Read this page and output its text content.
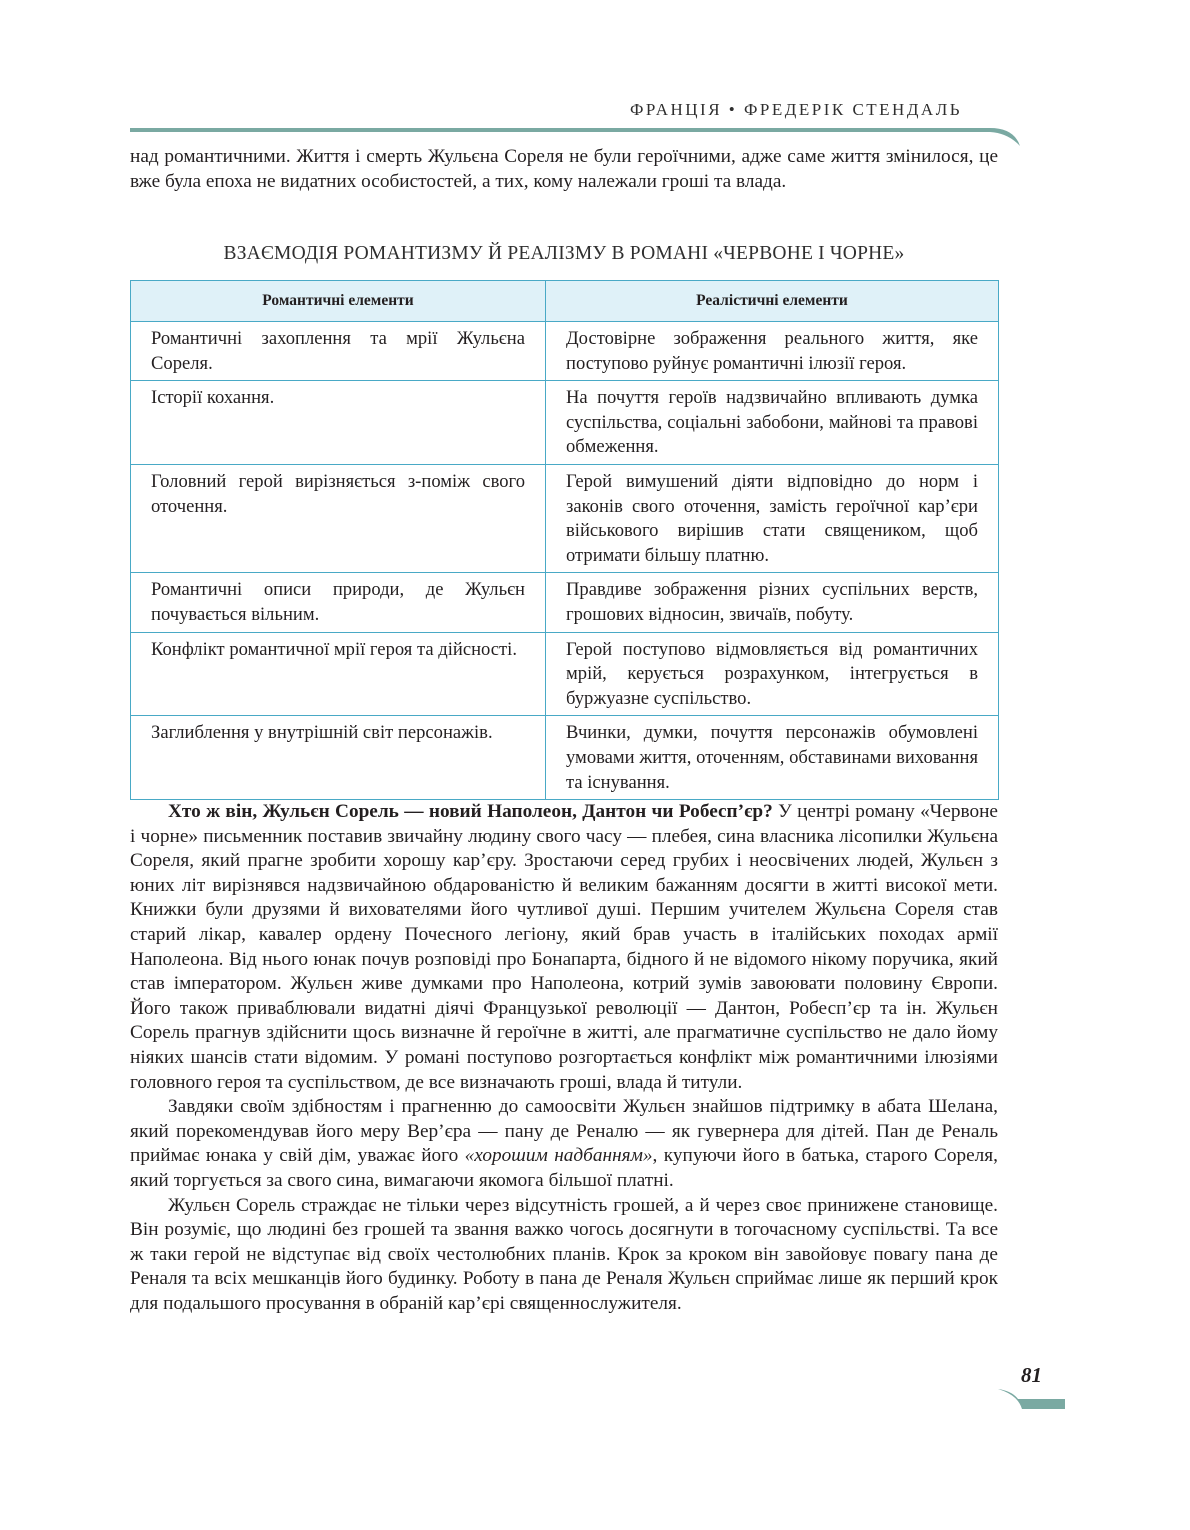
ФРАНЦІЯ • ФРЕДЕРІК СТЕНДАЛЬ

над романтичними. Життя і смерть Жульєна Сореля не були героїчними, адже саме життя змінилося, це вже була епоха не видатних особистостей, а тих, кому належали гроші та влада.

ВЗАЄМОДІЯ РОМАНТИЗМУ Й РЕАЛІЗМУ В РОМАНІ «ЧЕРВОНЕ І ЧОРНЕ»
Романтичні елементи	Реалістичні елементи
Романтичні захоплення та мрії Жульєна Сореля.	Достовірне зображення реального життя, яке поступово руйнує романтичні ілюзії героя.
Історії кохання.	На почуття героїв надзвичайно впливають думка суспільства, соціальні забобони, майнові та правові обмеження.
Головний герой вирізняється з-поміж свого оточення.	Герой вимушений діяти відповідно до норм і законів свого оточення, замість героїчної кар’єри військового вирішив стати священиком, щоб отримати більшу платню.
Романтичні описи природи, де Жульєн почувається вільним.	Правдиве зображення різних суспільних верств, грошових відносин, звичаїв, побуту.
Конфлікт романтичної мрії героя та дійсності.	Герой поступово відмовляється від романтичних мрій, керується розрахунком, інтегрується в буржуазне суспільство.
Заглиблення у внутрішній світ персонажів.	Вчинки, думки, почуття персонажів обумовлені умовами життя, оточенням, обставинами виховання та існування.

Хто ж він, Жульєн Сорель — новий Наполеон, Дантон чи Робесп’єр? У центрі роману «Червоне і чорне» письменник поставив звичайну людину свого часу — плебея, сина власника лісопилки Жульєна Сореля, який прагне зробити хорошу кар’єру. Зростаючи серед грубих і неосвічених людей, Жульєн з юних літ вирізнявся надзвичайною обдарованістю й великим бажанням досягти в житті високої мети. Книжки були друзями й вихователями його чутливої душі. Першим учителем Жульєна Сореля став старий лікар, кавалер ордену Почесного легіону, який брав участь в італійських походах армії Наполеона. Від нього юнак почув розповіді про Бонапарта, бідного й не відомого нікому поручика, який став імператором. Жульєн живе думками про Наполеона, котрий зумів завоювати половину Європи. Його також приваблювали видатні діячі Французької революції — Дантон, Робесп’єр та ін. Жульєн Сорель прагнув здійснити щось визначне й героїчне в житті, але прагматичне суспільство не дало йому ніяких шансів стати відомим. У романі поступово розгортається конфлікт між романтичними ілюзіями головного героя та суспільством, де все визначають гроші, влада й титули.

Завдяки своїм здібностям і прагненню до самоосвіти Жульєн знайшов підтримку в абата Шелана, який порекомендував його меру Вер’єра — пану де Реналю — як гувернера для дітей. Пан де Реналь приймає юнака у свій дім, уважає його «хорошим надбанням», купуючи його в батька, старого Сореля, який торгується за свого сина, вимагаючи якомога більшої платні.

Жульєн Сорель страждає не тільки через відсутність грошей, а й через своє принижене становище. Він розуміє, що людині без грошей та звання важко чогось досягнути в тогочасному суспільстві. Та все ж таки герой не відступає від своїх честолюбних планів. Крок за кроком він завойовує повагу пана де Реналя та всіх мешканців його будинку. Роботу в пана де Реналя Жульєн сприймає лише як перший крок для подальшого просування в обраній кар’єрі священнослужителя.

81
